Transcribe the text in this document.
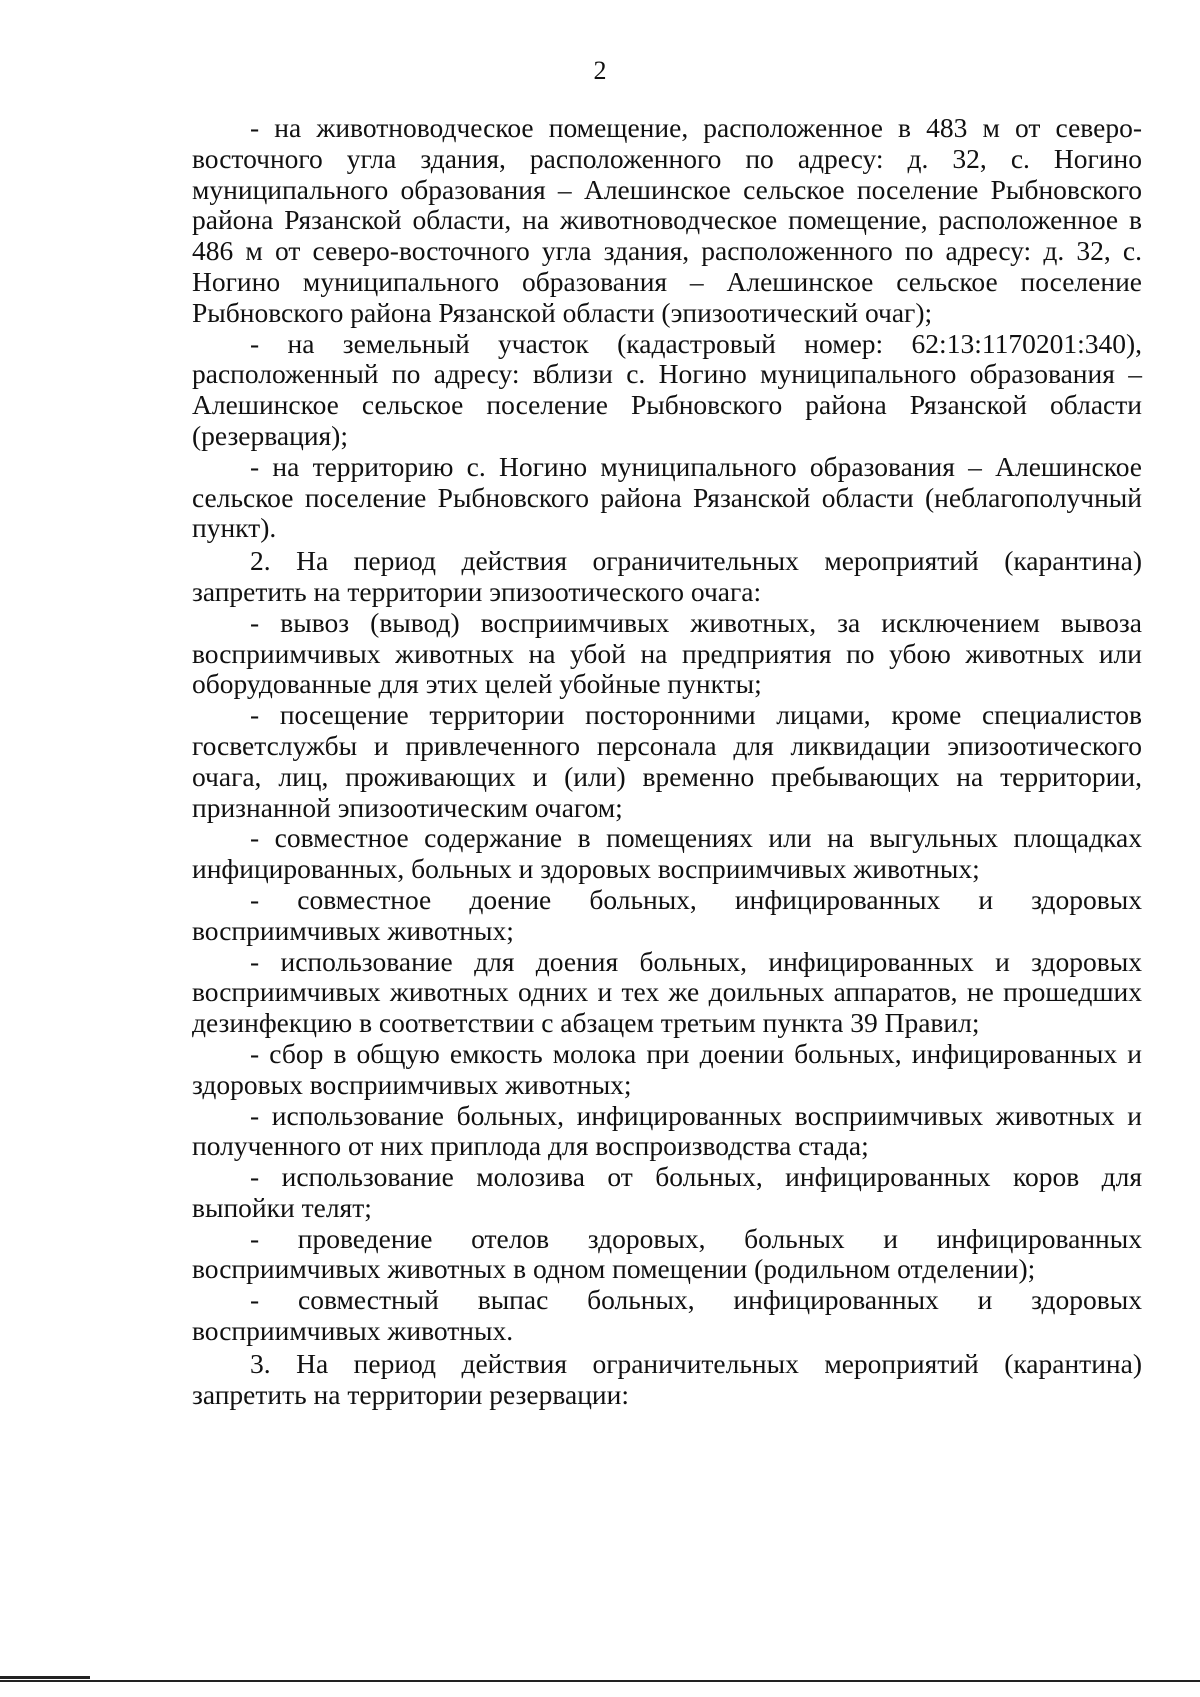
2

- на животноводческое помещение, расположенное в 483 м от северо-восточного угла здания, расположенного по адресу: д. 32, с. Ногино муниципального образования – Алешинское сельское поселение Рыбновского района Рязанской области, на животноводческое помещение, расположенное в 486 м от северо-восточного угла здания, расположенного по адресу: д. 32, с. Ногино муниципального образования – Алешинское сельское поселение Рыбновского района Рязанской области (эпизоотический очаг);

- на земельный участок (кадастровый номер: 62:13:1170201:340), расположенный по адресу: вблизи с. Ногино муниципального образования – Алешинское сельское поселение Рыбновского района Рязанской области (резервация);

- на территорию с. Ногино муниципального образования – Алешинское сельское поселение Рыбновского района Рязанской области (неблагополучный пункт).

2. На период действия ограничительных мероприятий (карантина) запретить на территории эпизоотического очага:

- вывоз (вывод) восприимчивых животных, за исключением вывоза восприимчивых животных на убой на предприятия по убою животных или оборудованные для этих целей убойные пункты;

- посещение территории посторонними лицами, кроме специалистов госветслужбы и привлеченного персонала для ликвидации эпизоотического очага, лиц, проживающих и (или) временно пребывающих на территории, признанной эпизоотическим очагом;

- совместное содержание в помещениях или на выгульных площадках инфицированных, больных и здоровых восприимчивых животных;

- совместное доение больных, инфицированных и здоровых восприимчивых животных;

- использование для доения больных, инфицированных и здоровых восприимчивых животных одних и тех же доильных аппаратов, не прошедших дезинфекцию в соответствии с абзацем третьим пункта 39 Правил;

- сбор в общую емкость молока при доении больных, инфицированных и здоровых восприимчивых животных;

- использование больных, инфицированных восприимчивых животных и полученного от них приплода для воспроизводства стада;

- использование молозива от больных, инфицированных коров для выпойки телят;

- проведение отелов здоровых, больных и инфицированных восприимчивых животных в одном помещении (родильном отделении);

- совместный выпас больных, инфицированных и здоровых восприимчивых животных.

3. На период действия ограничительных мероприятий (карантина) запретить на территории резервации:
